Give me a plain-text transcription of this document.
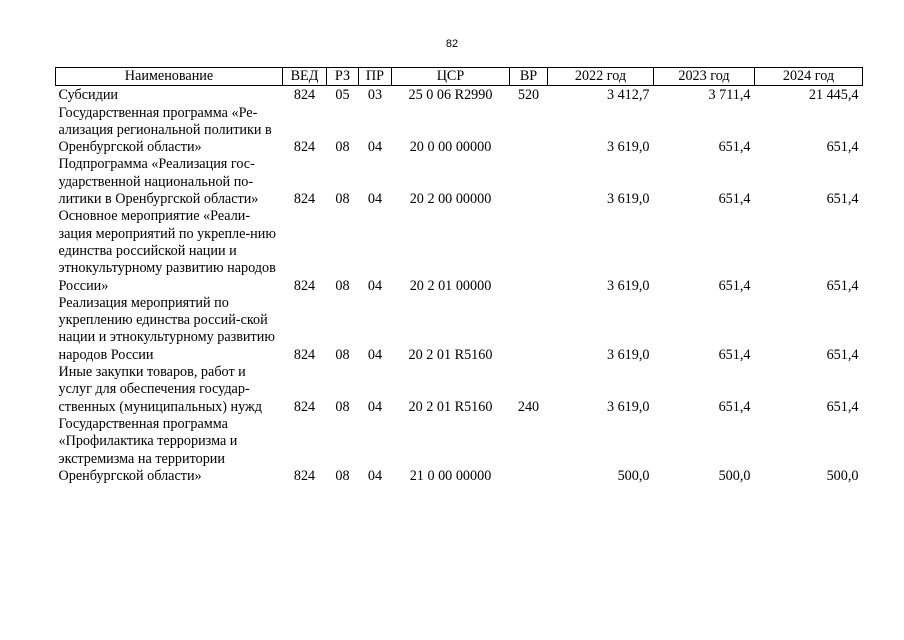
82
Наименование	ВЕД	РЗ	ПР	ЦСР	ВР	2022 год	2023 год	2024 год
Субсидии	824	05	03	25 0 06 R2990	520	3 412,7	3 711,4	21 445,4
Государственная программа «Ре-ализация региональной политики в Оренбургской области»	824	08	04	20 0 00 00000		3 619,0	651,4	651,4
Подпрограмма «Реализация гос-ударственной национальной по-литики в Оренбургской области»	824	08	04	20 2 00 00000		3 619,0	651,4	651,4
Основное мероприятие «Реали-зация мероприятий по укрепле-нию единства российской нации и этнокультурному развитию народов России»	824	08	04	20 2 01 00000		3 619,0	651,4	651,4
Реализация мероприятий по укреплению единства россий-ской нации и этнокультурному развитию народов России	824	08	04	20 2 01 R5160		3 619,0	651,4	651,4
Иные закупки товаров, работ и услуг для обеспечения государ-ственных (муниципальных) нужд	824	08	04	20 2 01 R5160	240	3 619,0	651,4	651,4
Государственная программа «Профилактика терроризма и экстремизма на территории Оренбургской области»	824	08	04	21 0 00 00000		500,0	500,0	500,0
